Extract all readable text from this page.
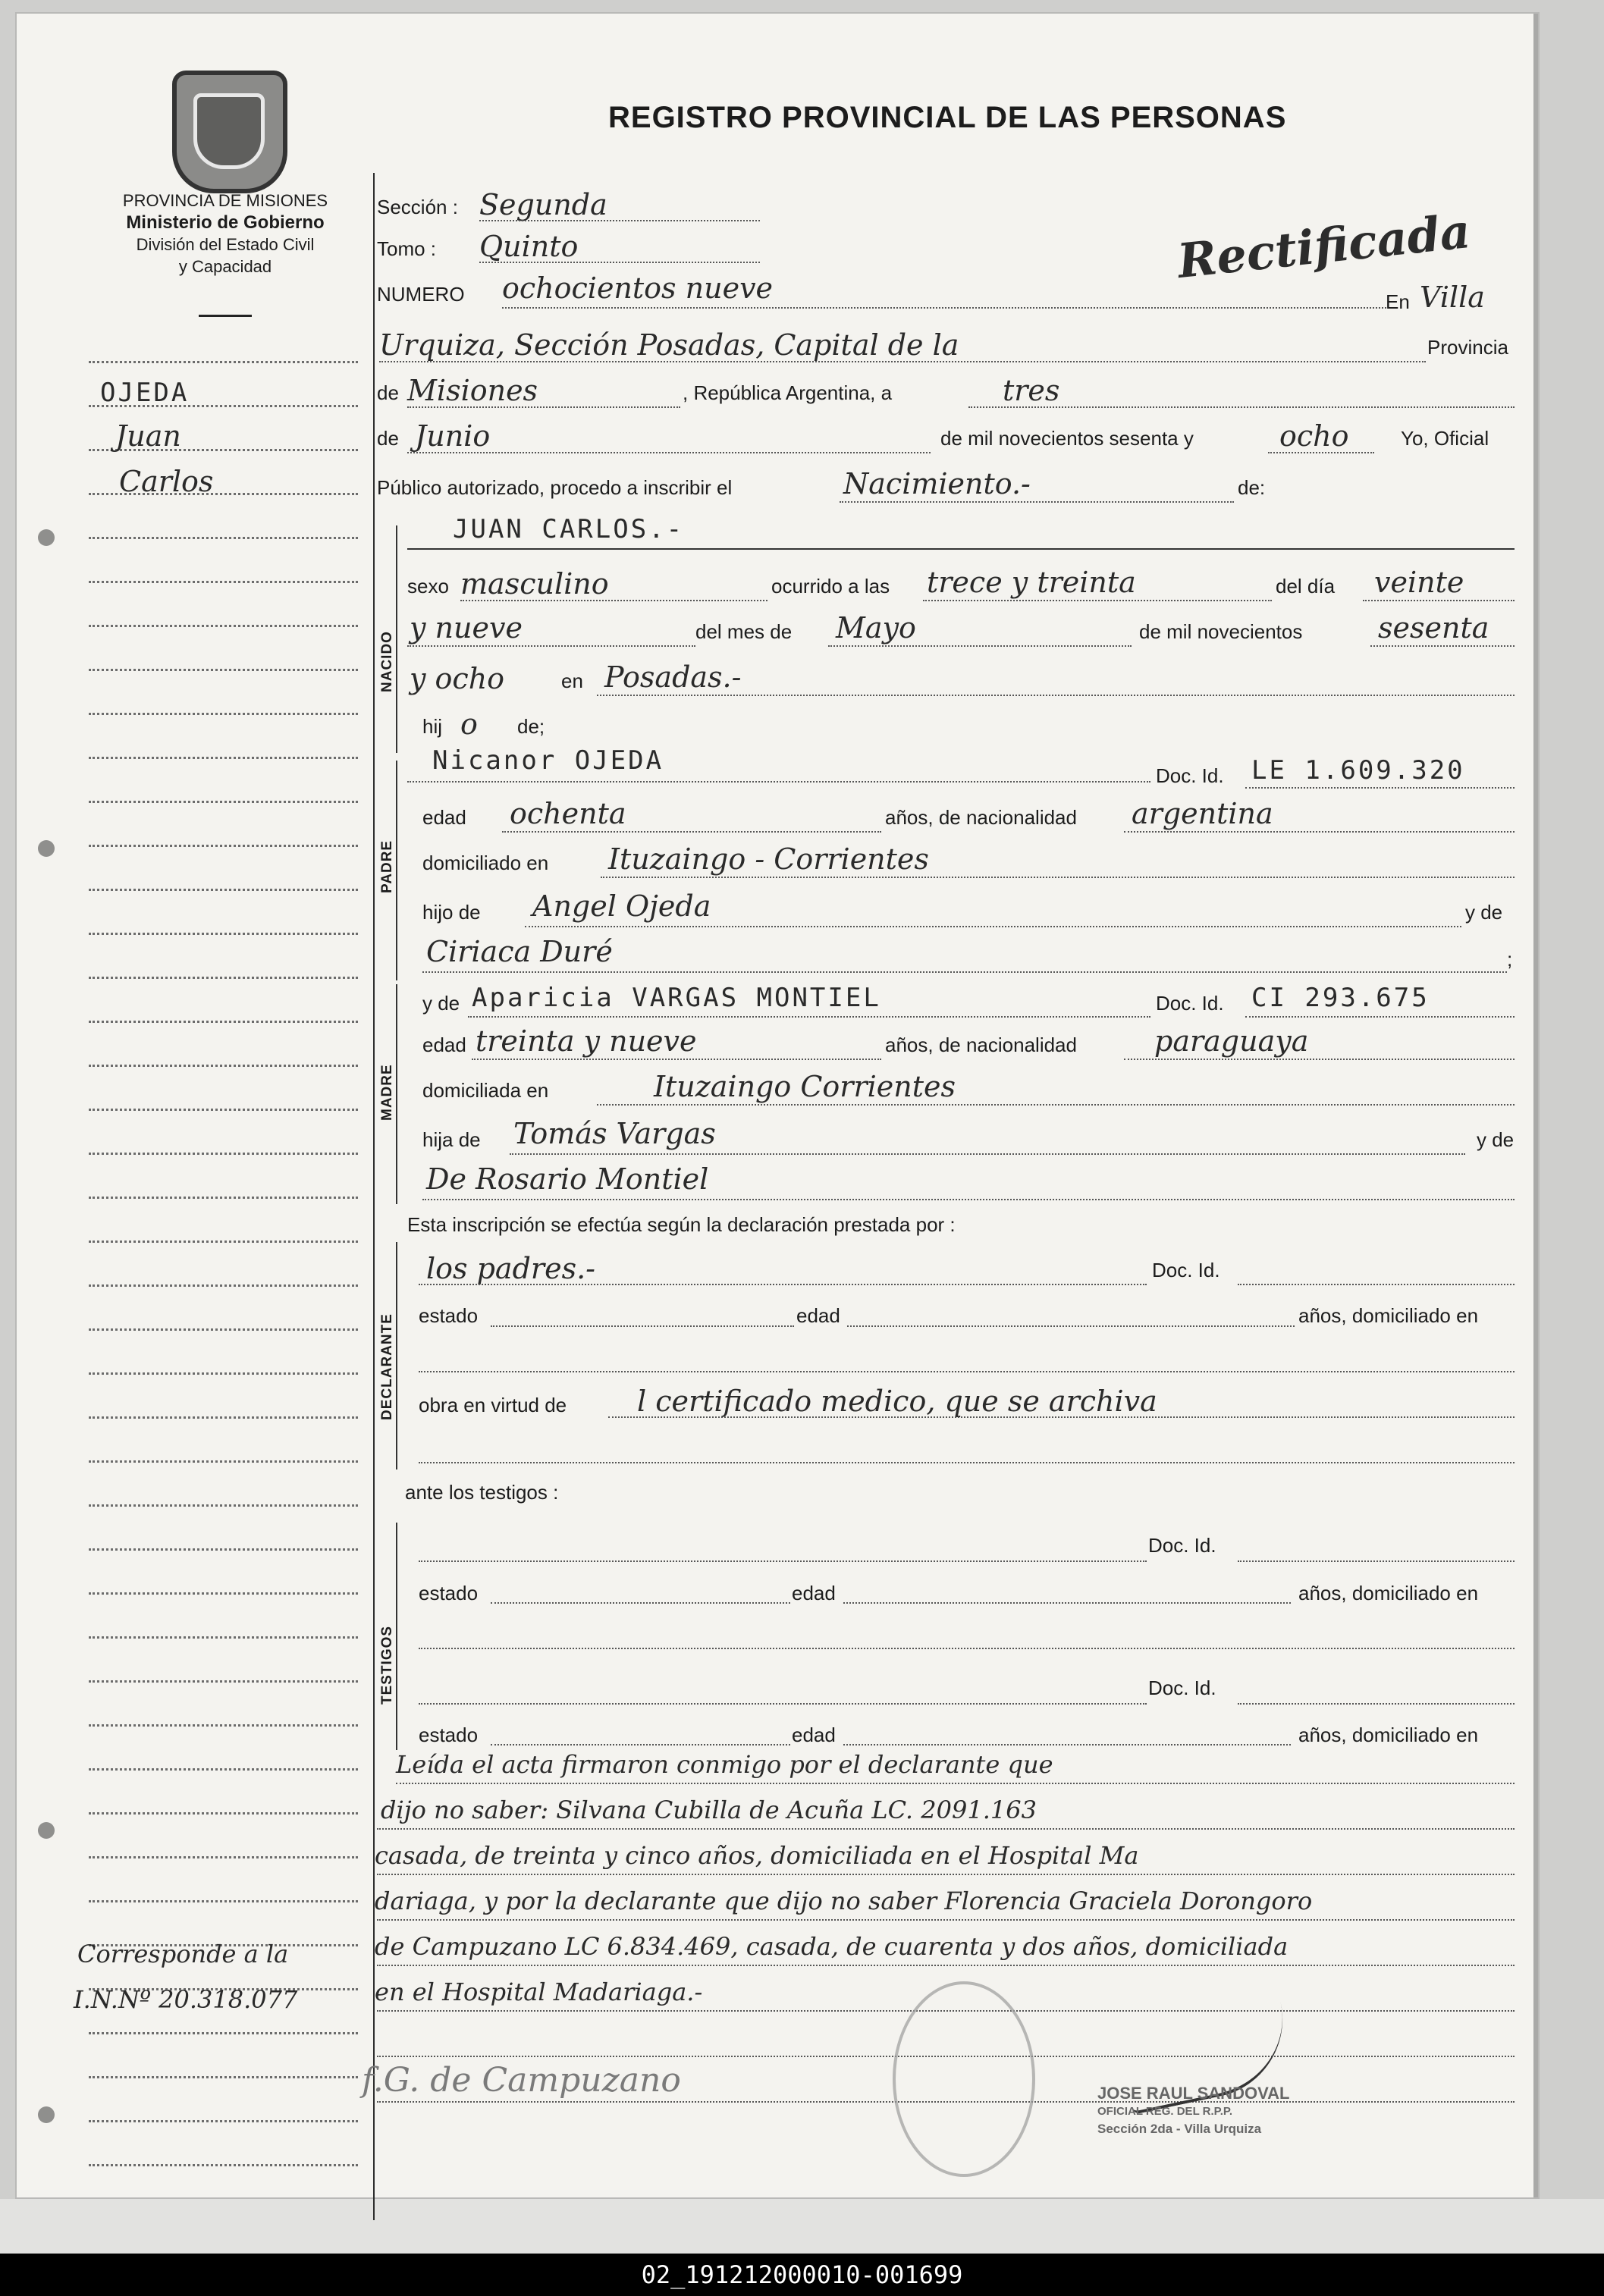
PROVINCIA DE MISIONES
Ministerio de Gobierno
División del Estado Civil
y Capacidad
REGISTRO PROVINCIAL DE LAS PERSONAS
OJEDA
Juan
Carlos
Corresponde a la
I.N.Nº 20.318.077
Rectificada
Sección : Segunda
Tomo : Quinto
NUMERO ochocientos nueve	En Villa
Urquiza, Sección Posadas, Capital de la	Provincia
de Misiones	, República Argentina, a	tres
de Junio	de mil novecientos sesenta y	ocho	Yo, Oficial
Público autorizado, procedo a inscribir el	Nacimiento.-	de:
NACIDO
JUAN CARLOS.-
sexo masculino	ocurrido a las trece y treinta	del día veinte
y nueve	del mes de Mayo	de mil novecientos	sesenta
y ocho	en Posadas.-
hij o de;
PADRE
Nicanor OJEDA	Doc. Id. LE 1.609.320
edad ochenta	años, de nacionalidad argentina
domiciliado en Ituzaingo - Corrientes
hijo de Angel Ojeda	y de
Ciriaca Duré	;
MADRE
y de Aparicia VARGAS MONTIEL	Doc. Id. CI 293.675
edad treinta y nueve	años, de nacionalidad	paraguaya
domiciliada en	Ituzaingo Corrientes
hija de Tomás Vargas	y de
De Rosario Montiel
Esta inscripción se efectúa según la declaración prestada por :
DECLARANTE
los padres.-	Doc. Id.
estado	edad	años, domiciliado en
obra en virtud de l certificado medico, que se archiva
ante los testigos :
TESTIGOS
Doc. Id.
estado	edad	años, domiciliado en
Doc. Id.
estado	edad	años, domiciliado en
Leída el acta firmaron conmigo por el declarante que
dijo no saber: Silvana Cubilla de Acuña LC. 2091.163
casada, de treinta y cinco años, domiciliada en el Hospital Ma
dariaga, y por la declarante que dijo no saber Florencia Graciela Dorongoro
de Campuzano LC 6.834.469, casada, de cuarenta y dos años, domiciliada
en el Hospital Madariaga.-
JOSE RAUL SANDOVAL
OFICIAL REG. DEL R.P.P.
Sección 2da - Villa Urquiza
f.G. de Campuzano
02_191212000010-001699
